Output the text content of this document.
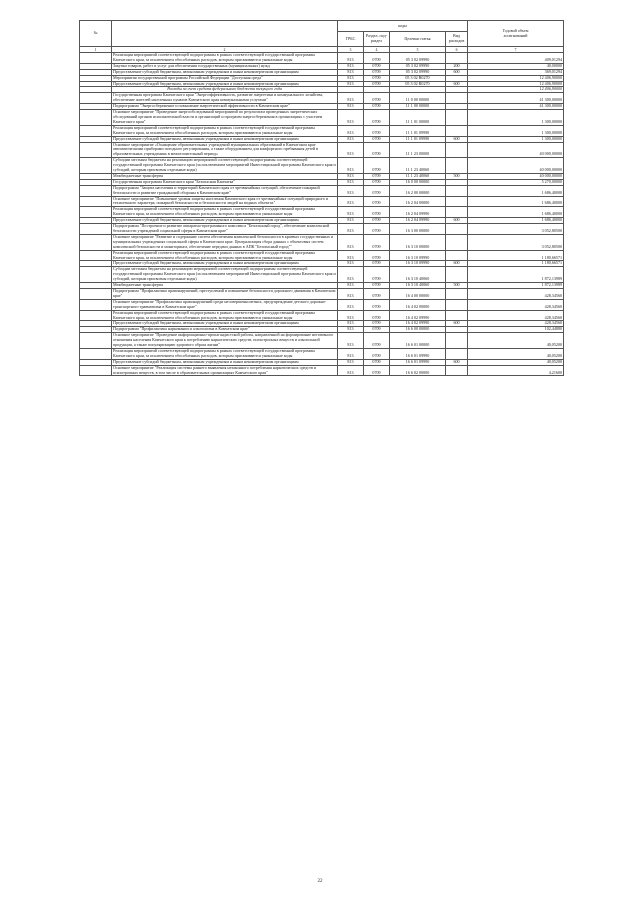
№		коды				Годовой объем
ассигнований
		ГРБС	Раздел, под-
раздел	Целевая статья	Вид
расходов	
1	2	3	4	5	6	7
	Реализация мероприятий соответствующей подпрограммы в рамках соответствующей государственной программы Камчатского края, за исключением обособленных расходов, которым присваиваются уникальные коды	813	0709	05 3 02 09990		409,01294
	Закупка товаров, работ и услуг для обеспечения государственных (муниципальных) нужд	813	0709	05 3 02 09990	200	40,00000
	Предоставление субсидий бюджетным, автономным учреждениям и иным некоммерческим организациям	813	0709	05 3 02 09990	600	369,01294
	Мероприятия государственной программы Российской Федерации "Доступная среда"	813	0709	05 3 02 R0270		12 406,90000
	Предоставление субсидий бюджетным, автономным учреждениям и иным некоммерческим организациям	813	0709	05 3 02 R0270	600	12 406,90000
	Расходы за счет средств федерального бюджета текущего года					12 406,90000
	Государственная программа Камчатского края "Энергоэффективность, развитие энергетики и коммунального хозяйства, обеспечение жителей населенных пунктов Камчатского края коммунальными услугами"	813	0709	11 0 00 00000		41 300,00000
	Подпрограмма "Энергосбережение и повышение энергетической эффективности в Камчатском крае"	813	0709	11 1 00 00000		41 300,00000
	Основное мероприятие "Проведение энергообследований мероприятий по результатам проведенных энергетических обследований органов исполнительной власти и организаций и программ энергосбережения в организациях с участием Камчатского края"	813	0709	11 1 01 00000		1 300,00000
	Реализация мероприятий соответствующей подпрограммы в рамках соответствующей государственной программы Камчатского края, за исключением обособленных расходов, которым присваиваются уникальные коды	813	0709	11 1 01 09990		1 300,00000
	Предоставление субсидий бюджетным, автономным учреждениям и иным некоммерческим организациям	813	0709	11 1 01 09990	600	1 300,00000
	Основное мероприятие «Оснащение образовательных учреждений муниципальных образований в Камчатском крае автоматическими приборами погодного регулирования, а также оборудованием для комфортного пребывания детей в образовательных учреждениях в межотопительный период»	813	0709	11 1 23 00000		40 000,00000
	Субсидии местным бюджетам на реализацию мероприятий соответствующей подпрограммы соответствующей государственной программы Камчатского края (за исключением мероприятий Инвестиционной программы Камчатского края и субсидий, которым присвоены отдельные коды)	813	0709	11 1 23 40060		40 000,00000
	Межбюджетные трансферты	813	0709	11 1 23 40060	500	40 000,00000
	Государственная программа Камчатского края "Безопасная Камчатка"	813	0709	16 0 00 00000		5 270,00000
	Подпрограмма "Защита населения и территорий Камчатского края от чрезвычайных ситуаций, обеспечение пожарной безопасности и развитие гражданской обороны в Камчатском крае"	813	0709	16 2 00 00000		1 686,40000
	Основное мероприятие "Повышение уровня защиты населения Камчатского края от чрезвычайных ситуаций природного и техногенного характера, пожарной безопасности и безопасности людей на водных объектах"	813	0709	16 2 04 00000		1 686,40000
	Реализация мероприятий соответствующей подпрограммы в рамках соответствующей государственной программы Камчатского края, за исключением обособленных расходов, которым присваиваются уникальные коды	813	0709	16 2 04 09990		1 686,40000
	Предоставление субсидий бюджетным, автономным учреждениям и иным некоммерческим организациям	813	0709	16 2 04 09990	600	1 686,40000
	Подпрограмма "Построение и развитие аппаратно-программного комплекса "Безопасный город", обеспечение комплексной безопасности учреждений социальной сферы в Камчатском крае"	813	0709	16 3 00 00000		3 052,80500
	Основное мероприятие "Развитие и содержание систем обеспечения комплексной безопасности в краевых государственных и муниципальных учреждениях социальной сферы в Камчатском крае. Централизация сбора данных с объектовых систем комплексной безопасности и мониторинга, обеспечение передачи данных в АПК "Безопасный город""	813	0709	16 3 10 00000		3 052,80500
	Реализация мероприятий соответствующей подпрограммы в рамках соответствующей государственной программы Камчатского края, за исключением обособленных расходов, которым присваиваются уникальные коды	813	0709	16 3 10 09990		1 180,66571
	Предоставление субсидий бюджетным, автономным учреждениям и иным некоммерческим организациям	813	0709	16 3 10 09990	600	1 180,66571
	Субсидии местным бюджетам на реализацию мероприятий соответствующей подпрограммы соответствующей государственной программы Камчатского края (за исключением мероприятий Инвестиционной программы Камчатского края и субсидий, которым присвоены отдельные коды)	813	0709	16 3 10 40060		1 872,13989
	Межбюджетные трансферты	813	0709	16 3 10 40060	500	1 872,13989
	Подпрограмма "Профилактика правонарушений, преступлений и повышение безопасности дорожного движения в Камчатском крае"	813	0709	16 4 00 00000		428,34560
	Основное мероприятие "Профилактика правонарушений среди несовершеннолетних, предупреждение детского дорожно-транспортного травматизма в Камчатском крае"	813	0709	16 4 02 00000		428,34560
	Реализация мероприятий соответствующей подпрограммы в рамках соответствующей государственной программы Камчатского края, за исключением обособленных расходов, которым присваиваются уникальные коды	813	0709	16 4 02 09990		428,34560
	Предоставление субсидий бюджетным, автономным учреждениям и иным некоммерческим организациям	813	0709	16 4 02 09990	600	428,34560
	Подпрограмма "Профилактика наркомании и алкоголизма в Камчатском крае"	813	0709	16 6 00 00000		102,44880
	Основное мероприятие "Проведение информационно-пропагандистской работы, направленной на формирование негативного отношения населения Камчатского края к потреблению наркотических средств, психотропных веществ и алкогольной продукции, а также популяризацию здорового образа жизни"	813	0709	16 6 01 00000		40,05200
	Реализация мероприятий соответствующей подпрограммы в рамках соответствующей государственной программы Камчатского края, за исключением обособленных расходов, которым присваиваются уникальные коды	813	0709	16 6 01 09990		40,05200
	Предоставление субсидий бюджетным, автономным учреждениям и иным некоммерческим организациям	813	0709	16 6 01 09990	600	40,05200
	Основное мероприятие "Реализация системы раннего выявления незаконного потребления наркотических средств и психотропных веществ, в том числе в образовательных организациях Камчатского края"	813	0709	16 6 02 00000		4,21600
22
